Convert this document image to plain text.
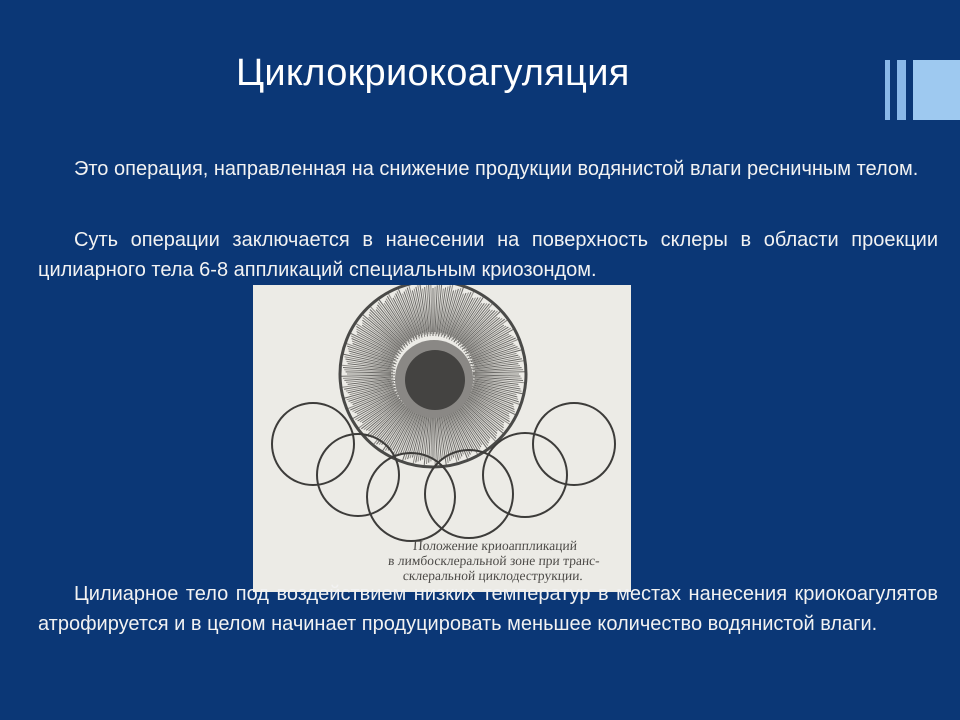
Циклокриокоагуляция

Это операция, направленная на снижение продукции водянистой влаги ресничным телом.

Суть операции заключается в нанесении на поверхность склеры в области проекции цилиарного тела 6-8 аппликаций специальным криозондом.

Положение криоаппликаций
в лимбосклеральной зоне при транс-
склеральной циклодеструкции.

Цилиарное тело под воздействием низких температур в местах нанесения криокоагулятов атрофируется и в целом начинает продуцировать меньшее количество водянистой влаги.
